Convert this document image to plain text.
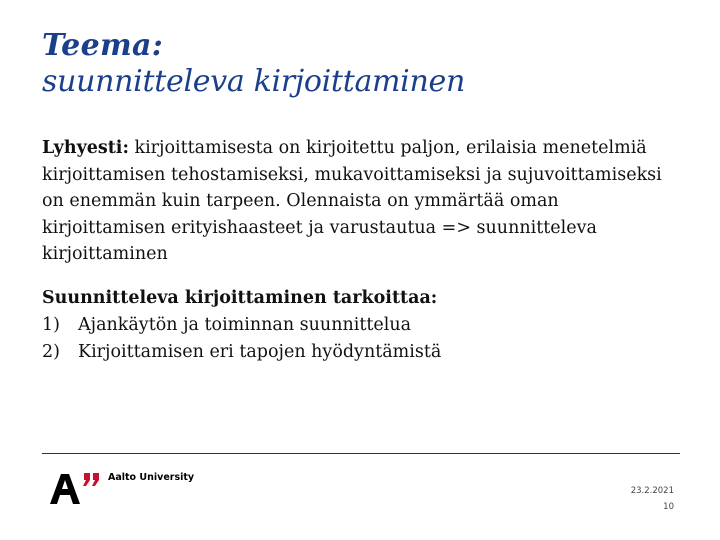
Teema:
suunnitteleva kirjoittaminen
Lyhyesti: kirjoittamisesta on kirjoitettu paljon, erilaisia menetelmiä kirjoittamisen tehostamiseksi, mukavoittamiseksi ja sujuvoittamiseksi on enemmän kuin tarpeen. Olennaista on ymmärtää oman kirjoittamisen erityishaasteet ja varustautua => suunnitteleva kirjoittaminen
Suunnitteleva kirjoittaminen tarkoittaa:
1)	Ajankäytön ja toiminnan suunnittelua
2)	Kirjoittamisen eri tapojen hyödyntämistä
Aalto University
23.2.2021
10
